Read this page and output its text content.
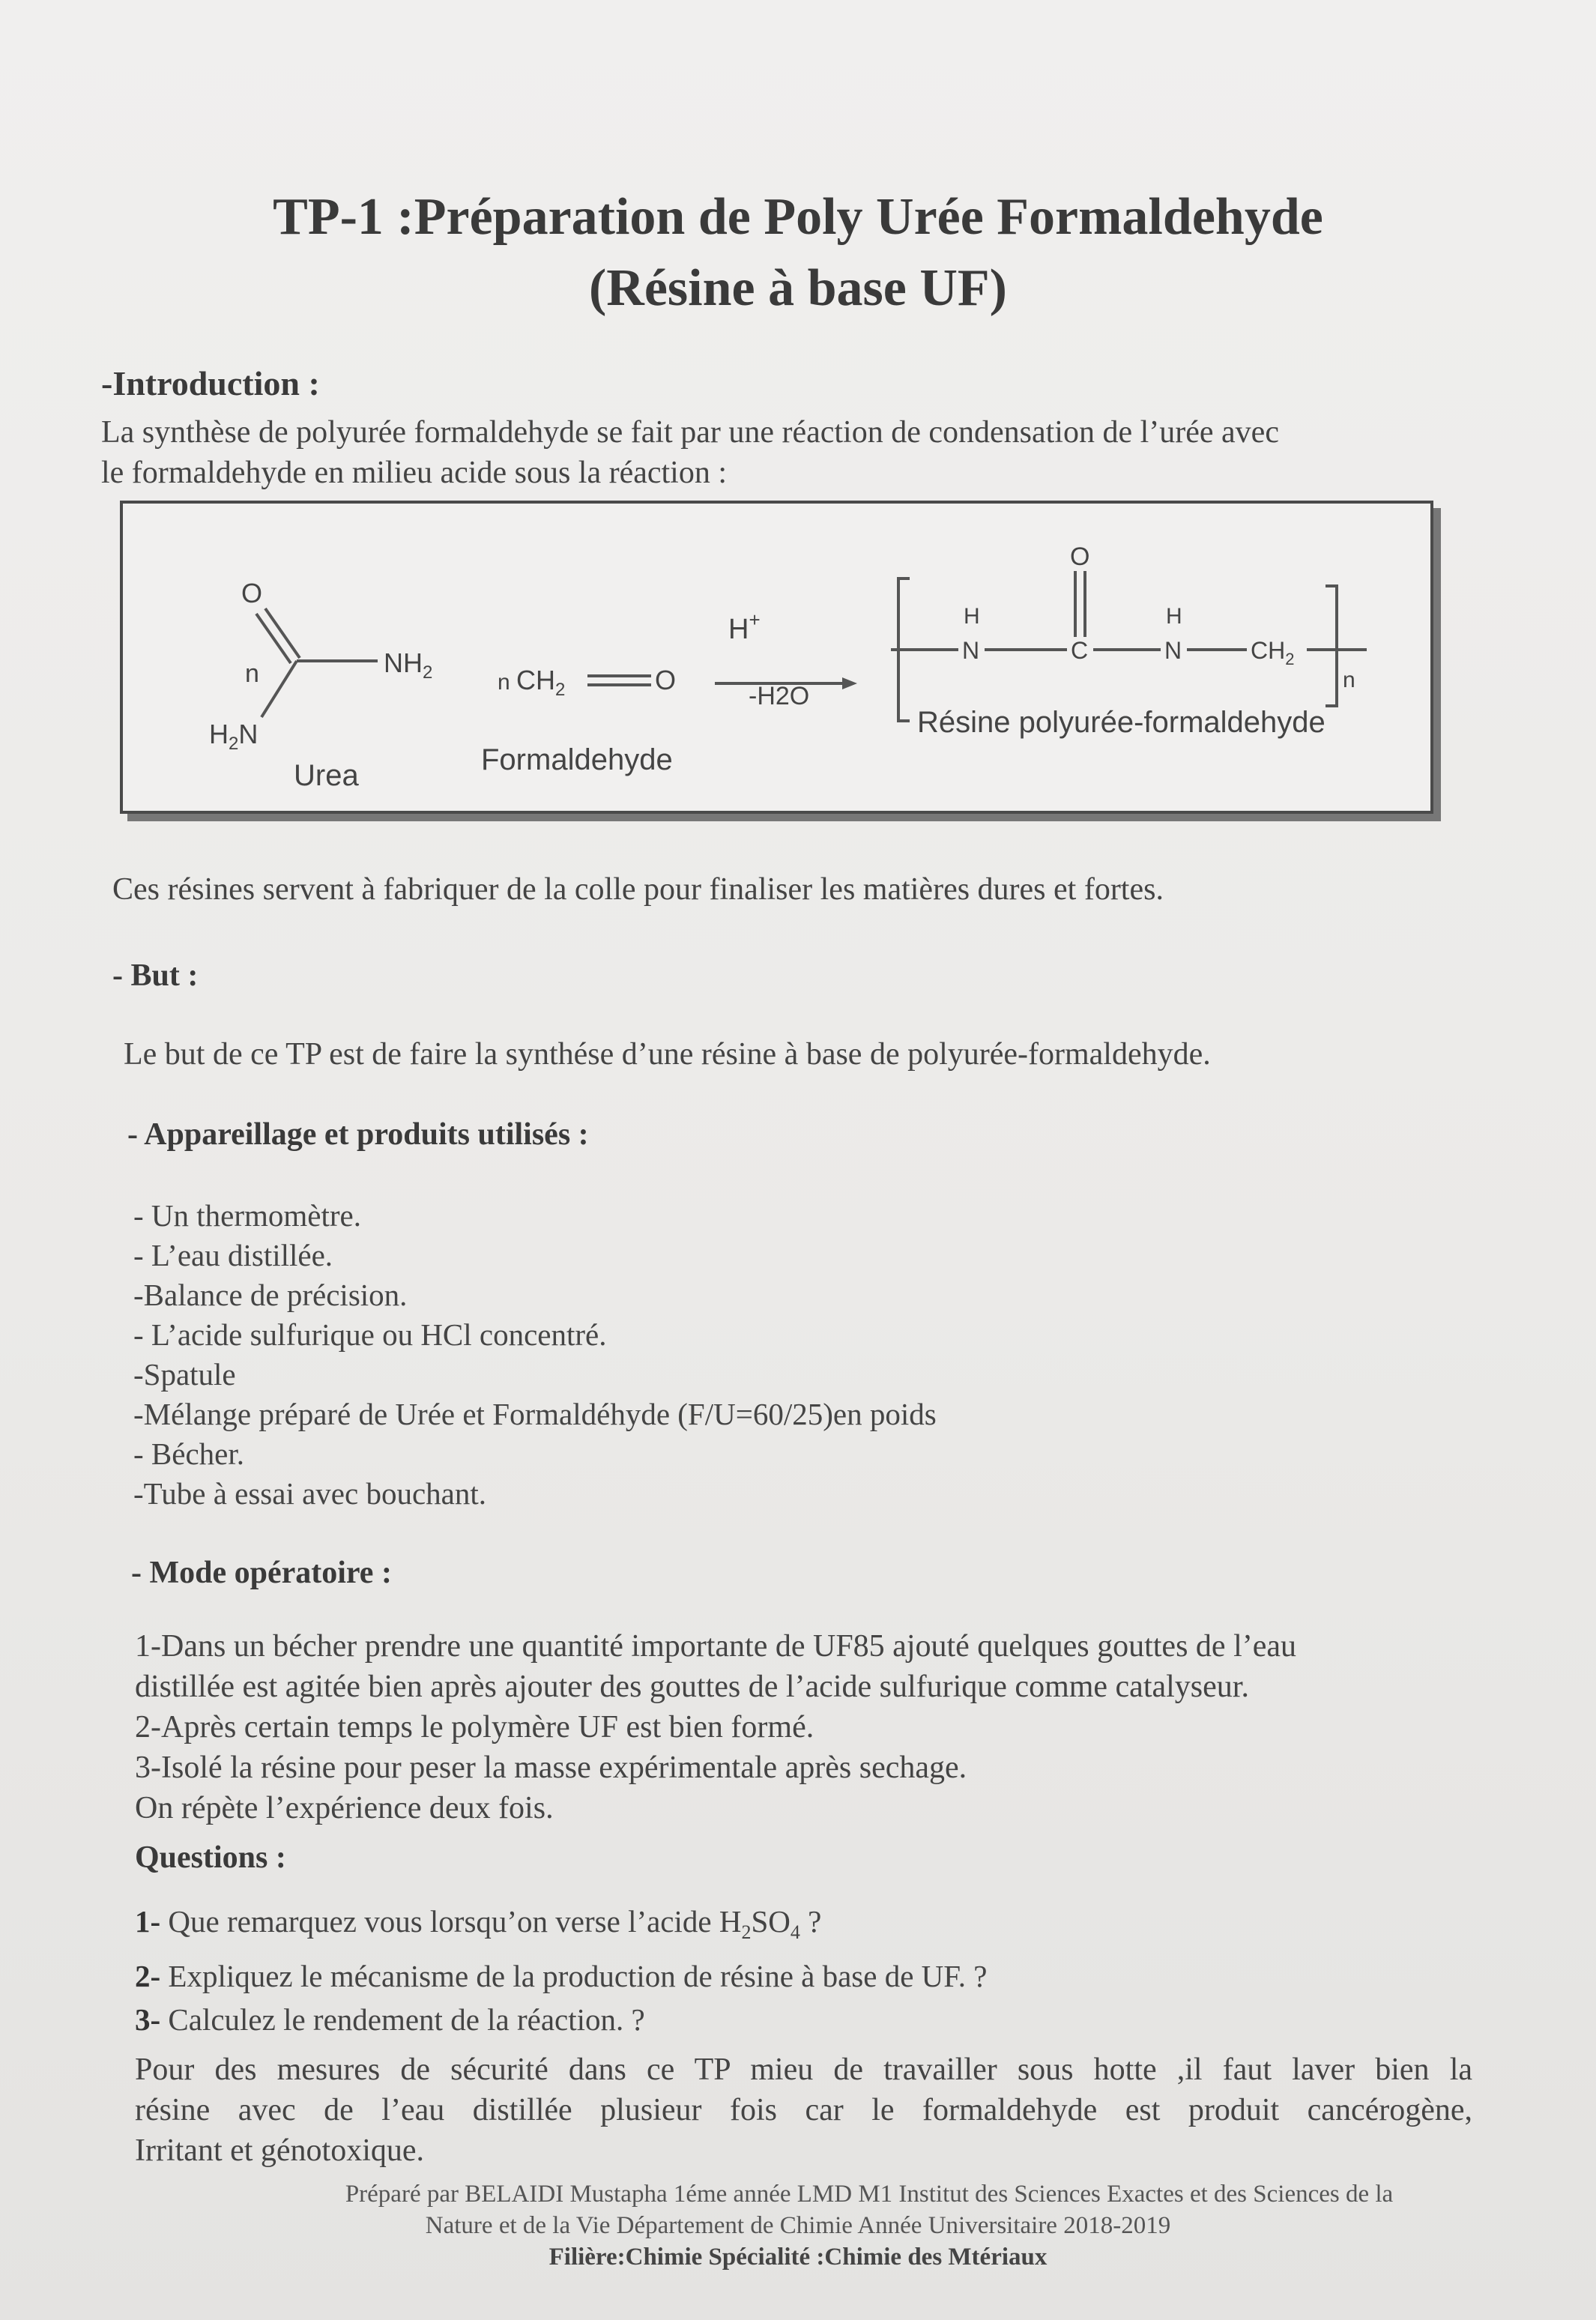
TP-1 :Préparation de Poly Urée Formaldehyde
(Résine à base UF)
-Introduction :
La synthèse de polyurée formaldehyde se fait par une réaction de condensation de l’urée avec
le formaldehyde en milieu acide sous la réaction :
O
n	$NH_2$
$H_2N$
Urea
n $CH_2$	O
Formaldehyde
H+
-H2O
H
N	C
O
H
N	$CH_2$
n
Résine polyurée-formaldehyde
Ces résines servent à fabriquer de la colle pour finaliser les matières dures et fortes.
- But :
Le but de ce TP est de faire la synthése d’une résine à base de polyurée-formaldehyde.
- Appareillage et produits utilisés :
- Un thermomètre.
- L’eau distillée.
-Balance de précision.
- L’acide sulfurique ou HCl concentré.
-Spatule
-Mélange préparé de Urée et Formaldéhyde (F/U=60/25)en poids
- Bécher.
-Tube à essai avec bouchant.
- Mode opératoire :
1-Dans un bécher prendre une quantité importante de UF85 ajouté quelques gouttes de l’eau
distillée est agitée bien après ajouter des gouttes de l’acide sulfurique comme catalyseur.
2-Après certain temps le polymère UF est bien formé.
3-Isolé la résine pour peser la masse expérimentale après sechage.
On répète l’expérience deux fois.
Questions :
1- Que remarquez vous lorsqu’on verse l’acide $H_2SO_4$ ?
2- Expliquez le mécanisme de la production de résine à base de UF. ?
3- Calculez le rendement de la réaction. ?
Pour des mesures de sécurité dans ce TP mieu de travailler sous hotte ,il faut laver bien la
résine avec de l’eau distillée plusieur fois car le formaldehyde est produit cancérogène,
Irritant et génotoxique.
Préparé par BELAIDI Mustapha 1éme année LMD M1 Institut des Sciences Exactes et des Sciences de la
Nature et de la Vie Département de Chimie Année Universitaire 2018-2019
Filière:Chimie Spécialité :Chimie des Mtériaux
